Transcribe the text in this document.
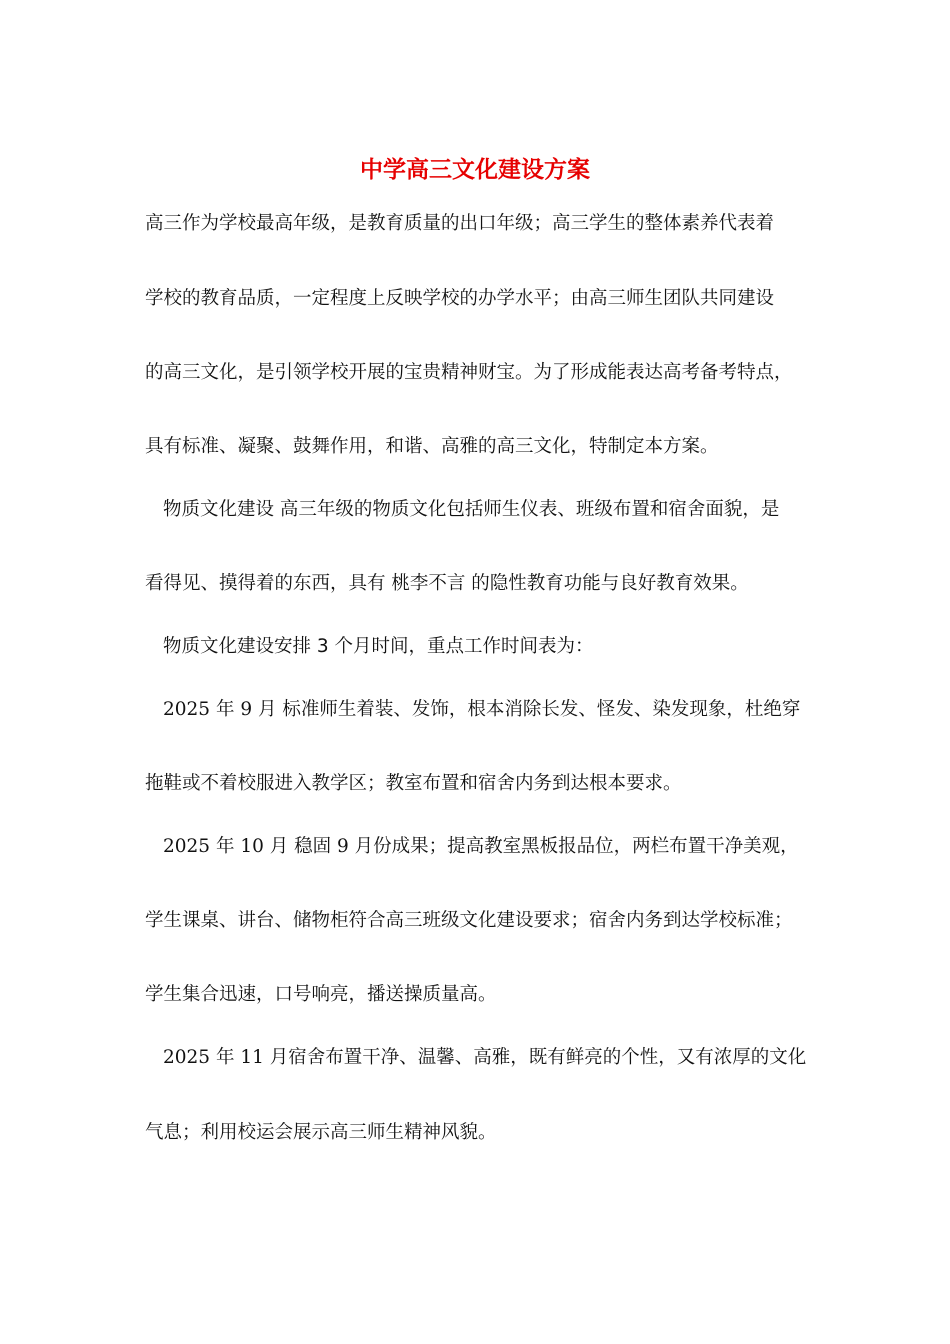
中学高三文化建设方案
高三作为学校最高年级，是教育质量的出口年级；高三学生的整体素养代表着
学校的教育品质，一定程度上反映学校的办学水平；由高三师生团队共同建设
的高三文化，是引领学校开展的宝贵精神财宝。为了形成能表达高考备考特点，
具有标准、凝聚、鼓舞作用，和谐、高雅的高三文化，特制定本方案。
物质文化建设 高三年级的物质文化包括师生仪表、班级布置和宿舍面貌，是
看得见、摸得着的东西，具有 桃李不言 的隐性教育功能与良好教育效果。
物质文化建设安排 3 个月时间，重点工作时间表为：
2025 年 9 月 标准师生着装、发饰，根本消除长发、怪发、染发现象，杜绝穿
拖鞋或不着校服进入教学区；教室布置和宿舍内务到达根本要求。
2025 年 10 月 稳固 9 月份成果；提高教室黑板报品位，两栏布置干净美观，
学生课桌、讲台、储物柜符合高三班级文化建设要求；宿舍内务到达学校标准；
学生集合迅速，口号响亮，播送操质量高。
2025 年 11 月宿舍布置干净、温馨、高雅，既有鲜亮的个性，又有浓厚的文化
气息；利用校运会展示高三师生精神风貌。
